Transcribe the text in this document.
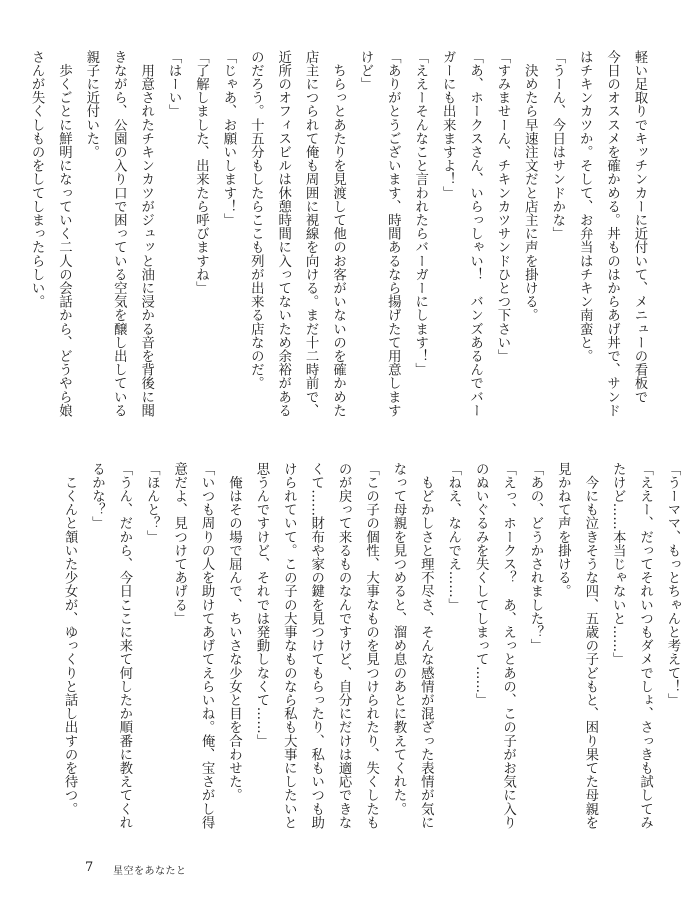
軽い足取りでキッチンカーに近付いて、メニューの看板で
今日のオススメを確かめる。丼ものはからあげ丼で、サンド
はチキンカツか。そして、お弁当はチキン南蛮と。
「うーん、今日はサンドかな」
　決めたら早速注文だと店主に声を掛ける。
「すみませーん、チキンカツサンドひとつ下さい」
「あ、ホークスさん、いらっしゃい！　バンズあるんでバー
ガーにも出来ますよ！」
「ええーそんなこと言われたらバーガーにします！」
「ありがとうございます、時間あるなら揚げたて用意します
けど」
　ちらっとあたりを見渡して他のお客がいないのを確かめた
店主につられて俺も周囲に視線を向ける。まだ十二時前で、
近所のオフィスビルは休憩時間に入ってないため余裕がある
のだろう。十五分もしたらここも列が出来る店なのだ。
「じゃあ、お願いします！」
「了解しました、出来たら呼びますね」
「はーい」
　用意されたチキンカツがジュッと油に浸かる音を背後に聞
きながら、公園の入り口で困っている空気を醸し出している
親子に近付いた。
　歩くごとに鮮明になっていく二人の会話から、どうやら娘
さんが失くしものをしてしまったらしい。
「うーママ、もっとちゃんと考えて！」
「ええー、だってそれいつもダメでしょ、さっきも試してみ
たけど……本当じゃないと……」
　今にも泣きそうな四、五歳の子どもと、困り果てた母親を
見かねて声を掛ける。
「あの、どうかされました？」
「えっ、ホークス？　あ、えっとあの、この子がお気に入り
のぬいぐるみを失くしてしまって……」
「ねえ、なんでえ……」
　もどかしさと理不尽さ、そんな感情が混ざった表情が気に
なって母親を見つめると、溜め息のあとに教えてくれた。
「この子の個性、大事なものを見つけられたり、失くしたも
のが戻って来るものなんですけど、自分にだけは適応できな
くて……財布や家の鍵を見つけてもらったり、私もいつも助
けられていて。この子の大事なものなら私も大事にしたいと
思うんですけど、それでは発動しなくて……」
　俺はその場で屈んで、ちいさな少女と目を合わせた。
「いつも周りの人を助けてあげてえらいね。俺、宝さがし得
意だよ、見つけてあげる」
「ほんと？」
「うん、だから、今日ここに来て何したか順番に教えてくれ
るかな？」
　こくんと頷いた少女が、ゆっくりと話し出すのを待つ。
7 星空をあなたと
